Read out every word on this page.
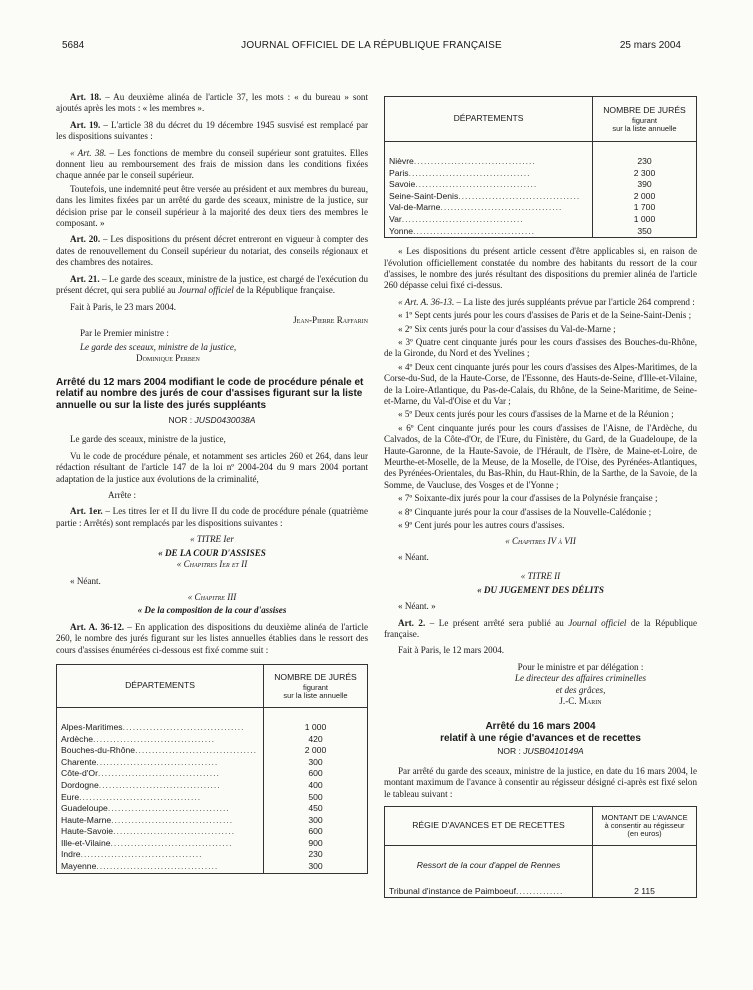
5684	JOURNAL OFFICIEL DE LA RÉPUBLIQUE FRANÇAISE	25 mars 2004

Art. 18. – Au deuxième alinéa de l'article 37, les mots : « du bureau » sont ajoutés après les mots : « les membres ».

Art. 19. – L'article 38 du décret du 19 décembre 1945 susvisé est remplacé par les dispositions suivantes :

« Art. 38. – Les fonctions de membre du conseil supérieur sont gratuites. Elles donnent lieu au remboursement des frais de mission dans les conditions fixées chaque année par le conseil supérieur.

Toutefois, une indemnité peut être versée au président et aux membres du bureau, dans les limites fixées par un arrêté du garde des sceaux, ministre de la justice, sur décision prise par le conseil supérieur à la majorité des deux tiers des membres le composant. »

Art. 20. – Les dispositions du présent décret entreront en vigueur à compter des dates de renouvellement du Conseil supérieur du notariat, des conseils régionaux et des chambres des notaires.

Art. 21. – Le garde des sceaux, ministre de la justice, est chargé de l'exécution du présent décret, qui sera publié au Journal officiel de la République française.

Fait à Paris, le 23 mars 2004.

Jean-Pierre Raffarin

Par le Premier ministre :

Le garde des sceaux, ministre de la justice,

Dominique Perben

Arrêté du 12 mars 2004 modifiant le code de procédure pénale et relatif au nombre des jurés de cour d'assises figurant sur la liste annuelle ou sur la liste des jurés suppléants
NOR : JUSD0430038A

Le garde des sceaux, ministre de la justice,

Vu le code de procédure pénale, et notamment ses articles 260 et 264, dans leur rédaction résultant de l'article 147 de la loi nº 2004-204 du 9 mars 2004 portant adaptation de la justice aux évolutions de la criminalité,

Arrête :

Art. 1er. – Les titres Ier et II du livre II du code de procédure pénale (quatrième partie : Arrêtés) sont remplacés par les dispositions suivantes :

« TITRE Ier

« DE LA COUR D'ASSISES

« Chapitres Ier et II

« Néant.

« Chapitre III

« De la composition de la cour d'assises

Art. A. 36-12. – En application des dispositions du deuxième alinéa de l'article 260, le nombre des jurés figurant sur les listes annuelles établies dans le ressort des cours d'assises énumérées ci-dessous est fixé comme suit :

DÉPARTEMENTS	NOMBRE DE JURÉS
figurant
sur la liste annuelle

Alpes-Maritimes....................................	1 000
Ardèche....................................	420
Bouches-du-Rhône....................................	2 000
Charente....................................	300
Côte-d'Or....................................	600
Dordogne....................................	400
Eure....................................	500
Guadeloupe....................................	450
Haute-Marne....................................	300
Haute-Savoie....................................	600
Ille-et-Vilaine....................................	900
Indre....................................	230
Mayenne....................................	300
DÉPARTEMENTS	NOMBRE DE JURÉS
figurant
sur la liste annuelle

Nièvre....................................	230
Paris....................................	2 300
Savoie....................................	390
Seine-Saint-Denis....................................	2 000
Val-de-Marne....................................	1 700
Var....................................	1 000
Yonne....................................	350

« Les dispositions du présent article cessent d'être applicables si, en raison de l'évolution officiellement constatée du nombre des habitants du ressort de la cour d'assises, le nombre des jurés résultant des dispositions du premier alinéa de l'article 260 dépasse celui fixé ci-dessus.

« Art. A. 36-13. – La liste des jurés suppléants prévue par l'article 264 comprend :

« 1º Sept cents jurés pour les cours d'assises de Paris et de la Seine-Saint-Denis ;

« 2º Six cents jurés pour la cour d'assises du Val-de-Marne ;

« 3º Quatre cent cinquante jurés pour les cours d'assises des Bouches-du-Rhône, de la Gironde, du Nord et des Yvelines ;

« 4º Deux cent cinquante jurés pour les cours d'assises des Alpes-Maritimes, de la Corse-du-Sud, de la Haute-Corse, de l'Essonne, des Hauts-de-Seine, d'Ille-et-Vilaine, de la Loire-Atlantique, du Pas-de-Calais, du Rhône, de la Seine-Maritime, de Seine-et-Marne, du Val-d'Oise et du Var ;

« 5º Deux cents jurés pour les cours d'assises de la Marne et de la Réunion ;

« 6º Cent cinquante jurés pour les cours d'assises de l'Aisne, de l'Ardèche, du Calvados, de la Côte-d'Or, de l'Eure, du Finistère, du Gard, de la Guadeloupe, de la Haute-Garonne, de la Haute-Savoie, de l'Hérault, de l'Isère, de Maine-et-Loire, de Meurthe-et-Moselle, de la Meuse, de la Moselle, de l'Oise, des Pyrénées-Atlantiques, des Pyrénées-Orientales, du Bas-Rhin, du Haut-Rhin, de la Sarthe, de la Savoie, de la Somme, de Vaucluse, des Vosges et de l'Yonne ;

« 7º Soixante-dix jurés pour la cour d'assises de la Polynésie française ;

« 8º Cinquante jurés pour la cour d'assises de la Nouvelle-Calédonie ;

« 9º Cent jurés pour les autres cours d'assises.

« Chapitres IV à VII

« Néant.

« TITRE II

« DU JUGEMENT DES DÉLITS

« Néant. »

Art. 2. – Le présent arrêté sera publié au Journal officiel de la République française.

Fait à Paris, le 12 mars 2004.

Pour le ministre et par délégation :

Le directeur des affaires criminelles

et des grâces,

J.-C. Marin

Arrêté du 16 mars 2004
relatif à une régie d'avances et de recettes
NOR : JUSB0410149A

Par arrêté du garde des sceaux, ministre de la justice, en date du 16 mars 2004, le montant maximum de l'avance à consentir au régisseur désigné ci-après est fixé selon le tableau suivant :

RÉGIE D'AVANCES ET DE RECETTES	MONTANT DE L'AVANCE
à consentir au régisseur
(en euros)

Ressort de la cour d'appel de Rennes	

Tribunal d'instance de Paimboeuf..............	2 115
